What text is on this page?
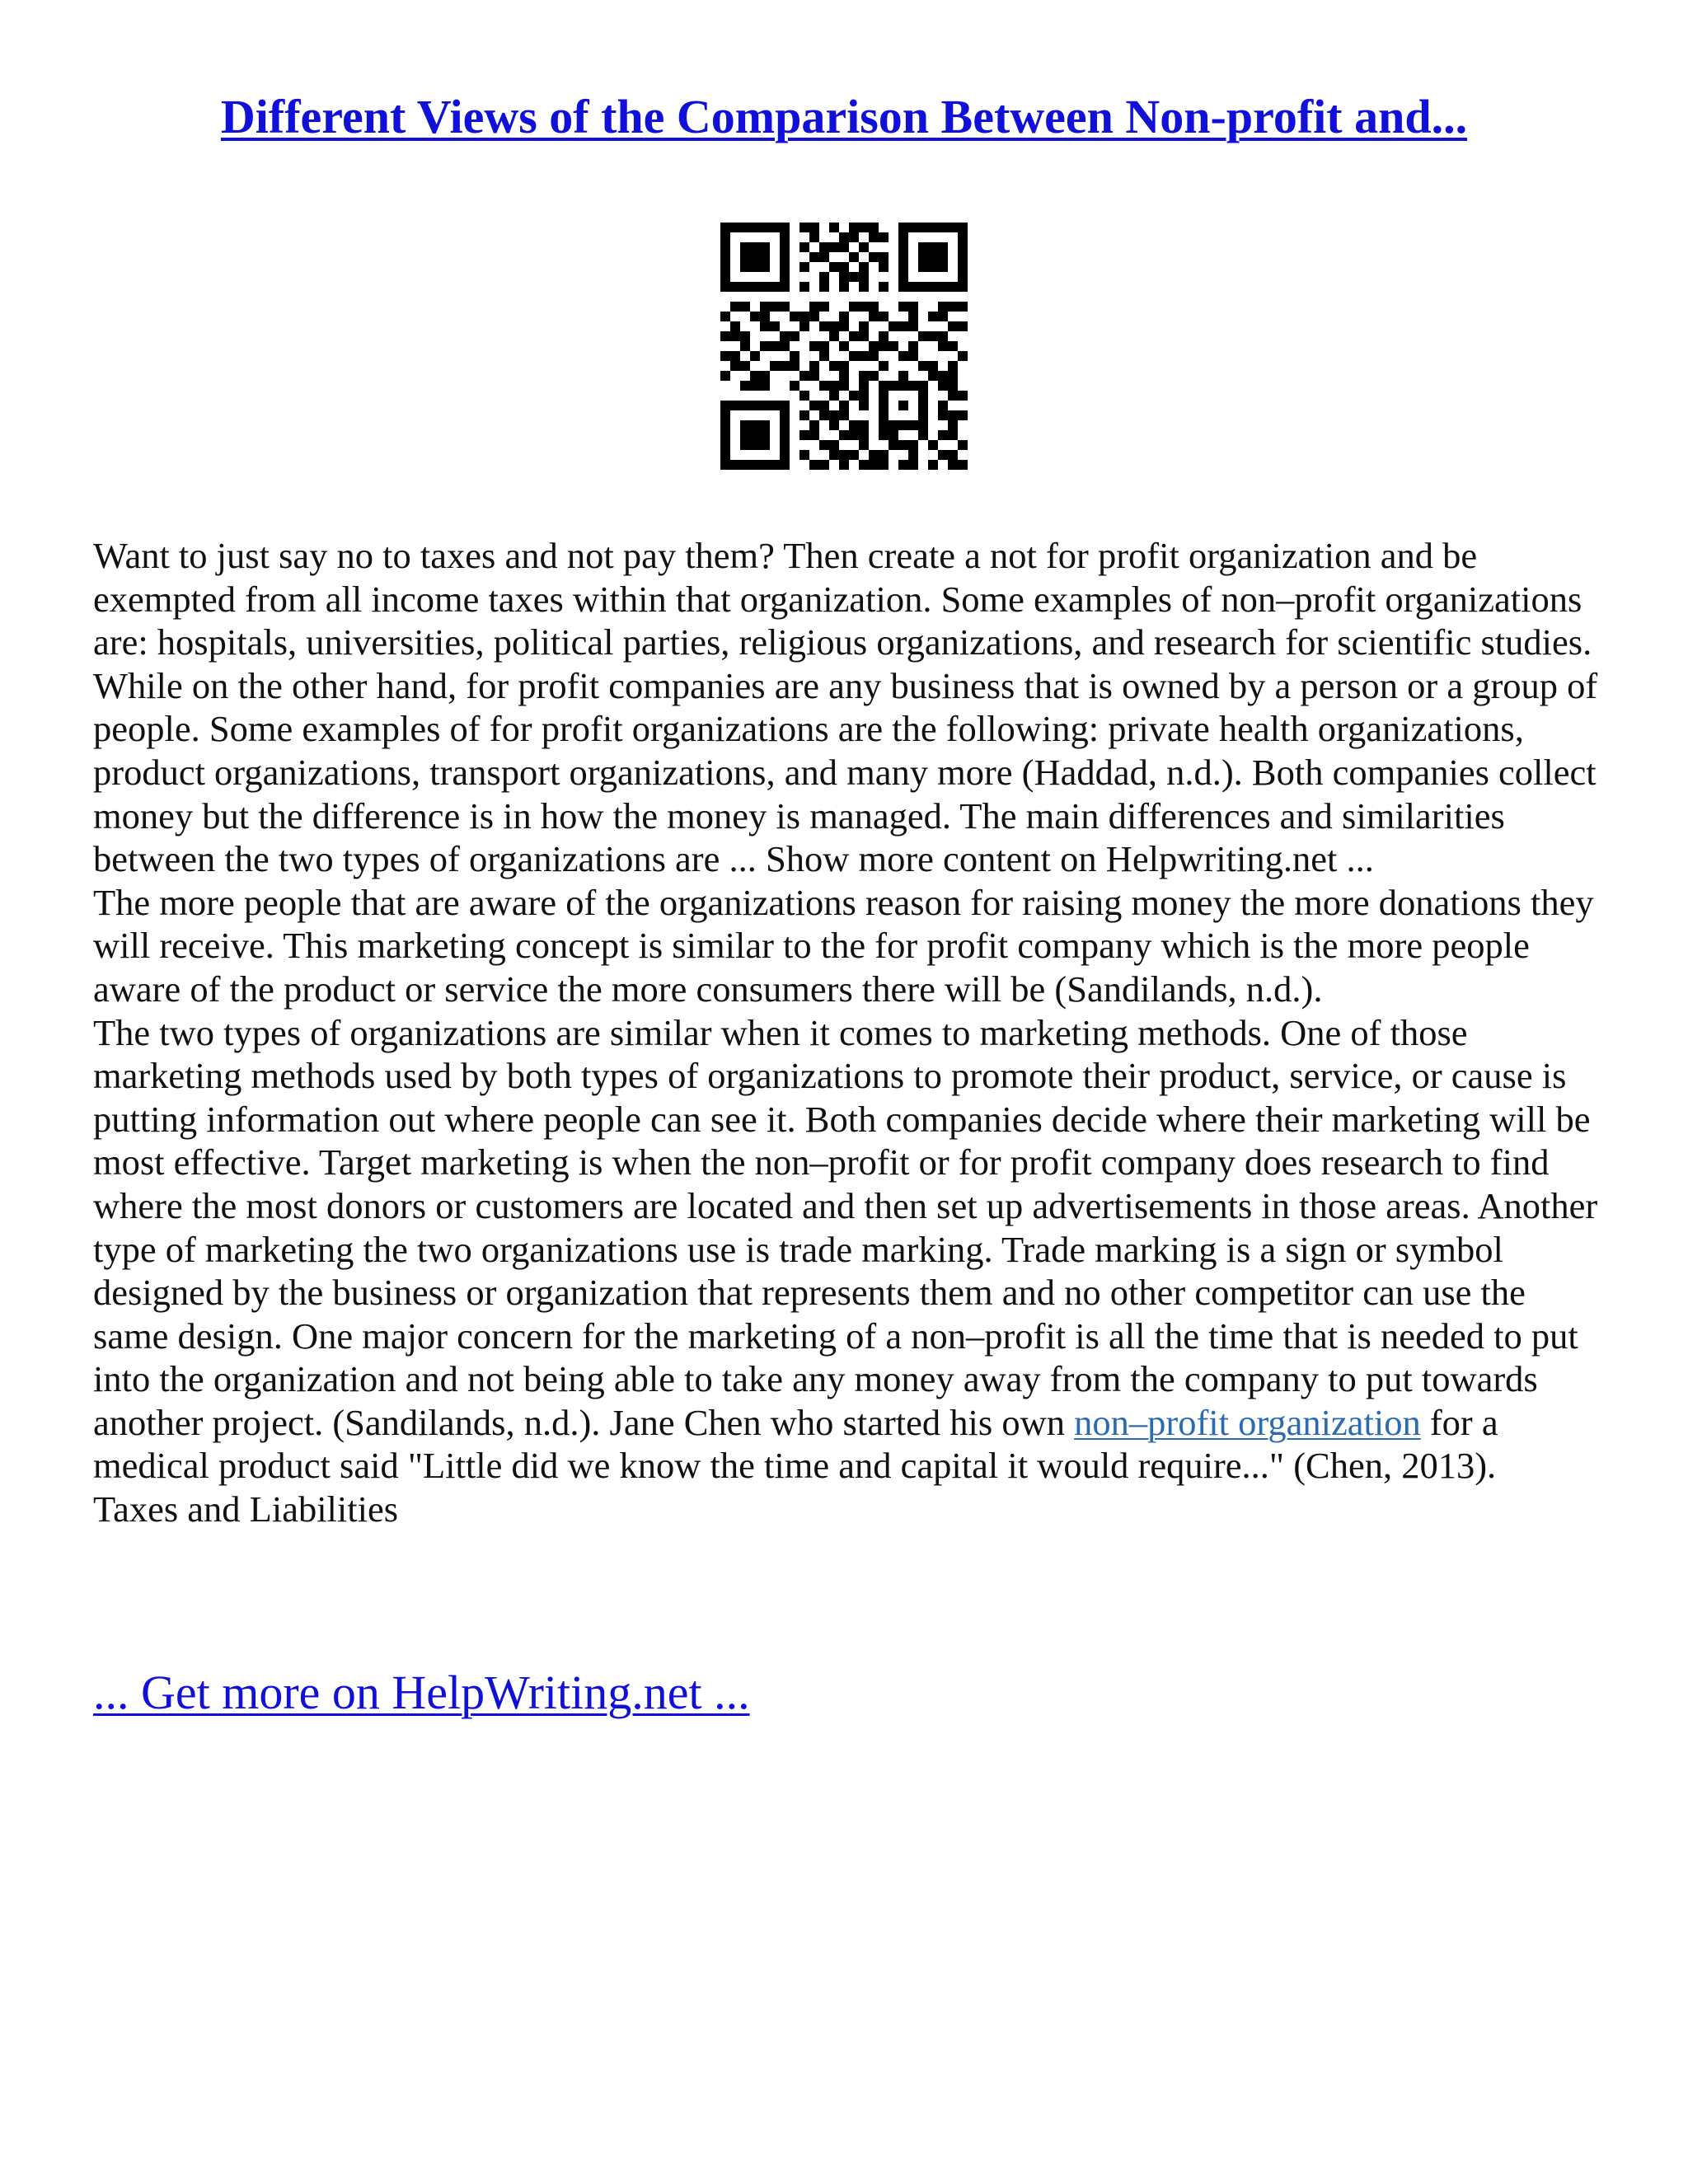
Different Views of the Comparison Between Non-profit and...

Want to just say no to taxes and not pay them? Then create a not for profit organization and be exempted from all income taxes within that organization. Some examples of non–profit organizations are: hospitals, universities, political parties, religious organizations, and research for scientific studies. While on the other hand, for profit companies are any business that is owned by a person or a group of people. Some examples of for profit organizations are the following: private health organizations, product organizations, transport organizations, and many more (Haddad, n.d.). Both companies collect money but the difference is in how the money is managed. The main differences and similarities between the two types of organizations are ... Show more content on Helpwriting.net ...

The more people that are aware of the organizations reason for raising money the more donations they will receive. This marketing concept is similar to the for profit company which is the more people aware of the product or service the more consumers there will be (Sandilands, n.d.).

The two types of organizations are similar when it comes to marketing methods. One of those marketing methods used by both types of organizations to promote their product, service, or cause is putting information out where people can see it. Both companies decide where their marketing will be most effective. Target marketing is when the non–profit or for profit company does research to find where the most donors or customers are located and then set up advertisements in those areas. Another type of marketing the two organizations use is trade marking. Trade marking is a sign or symbol designed by the business or organization that represents them and no other competitor can use the same design. One major concern for the marketing of a non–profit is all the time that is needed to put into the organization and not being able to take any money away from the company to put towards another project. (Sandilands, n.d.). Jane Chen who started his own non–profit organization for a medical product said "Little did we know the time and capital it would require..." (Chen, 2013).

Taxes and Liabilities

... Get more on HelpWriting.net ...
